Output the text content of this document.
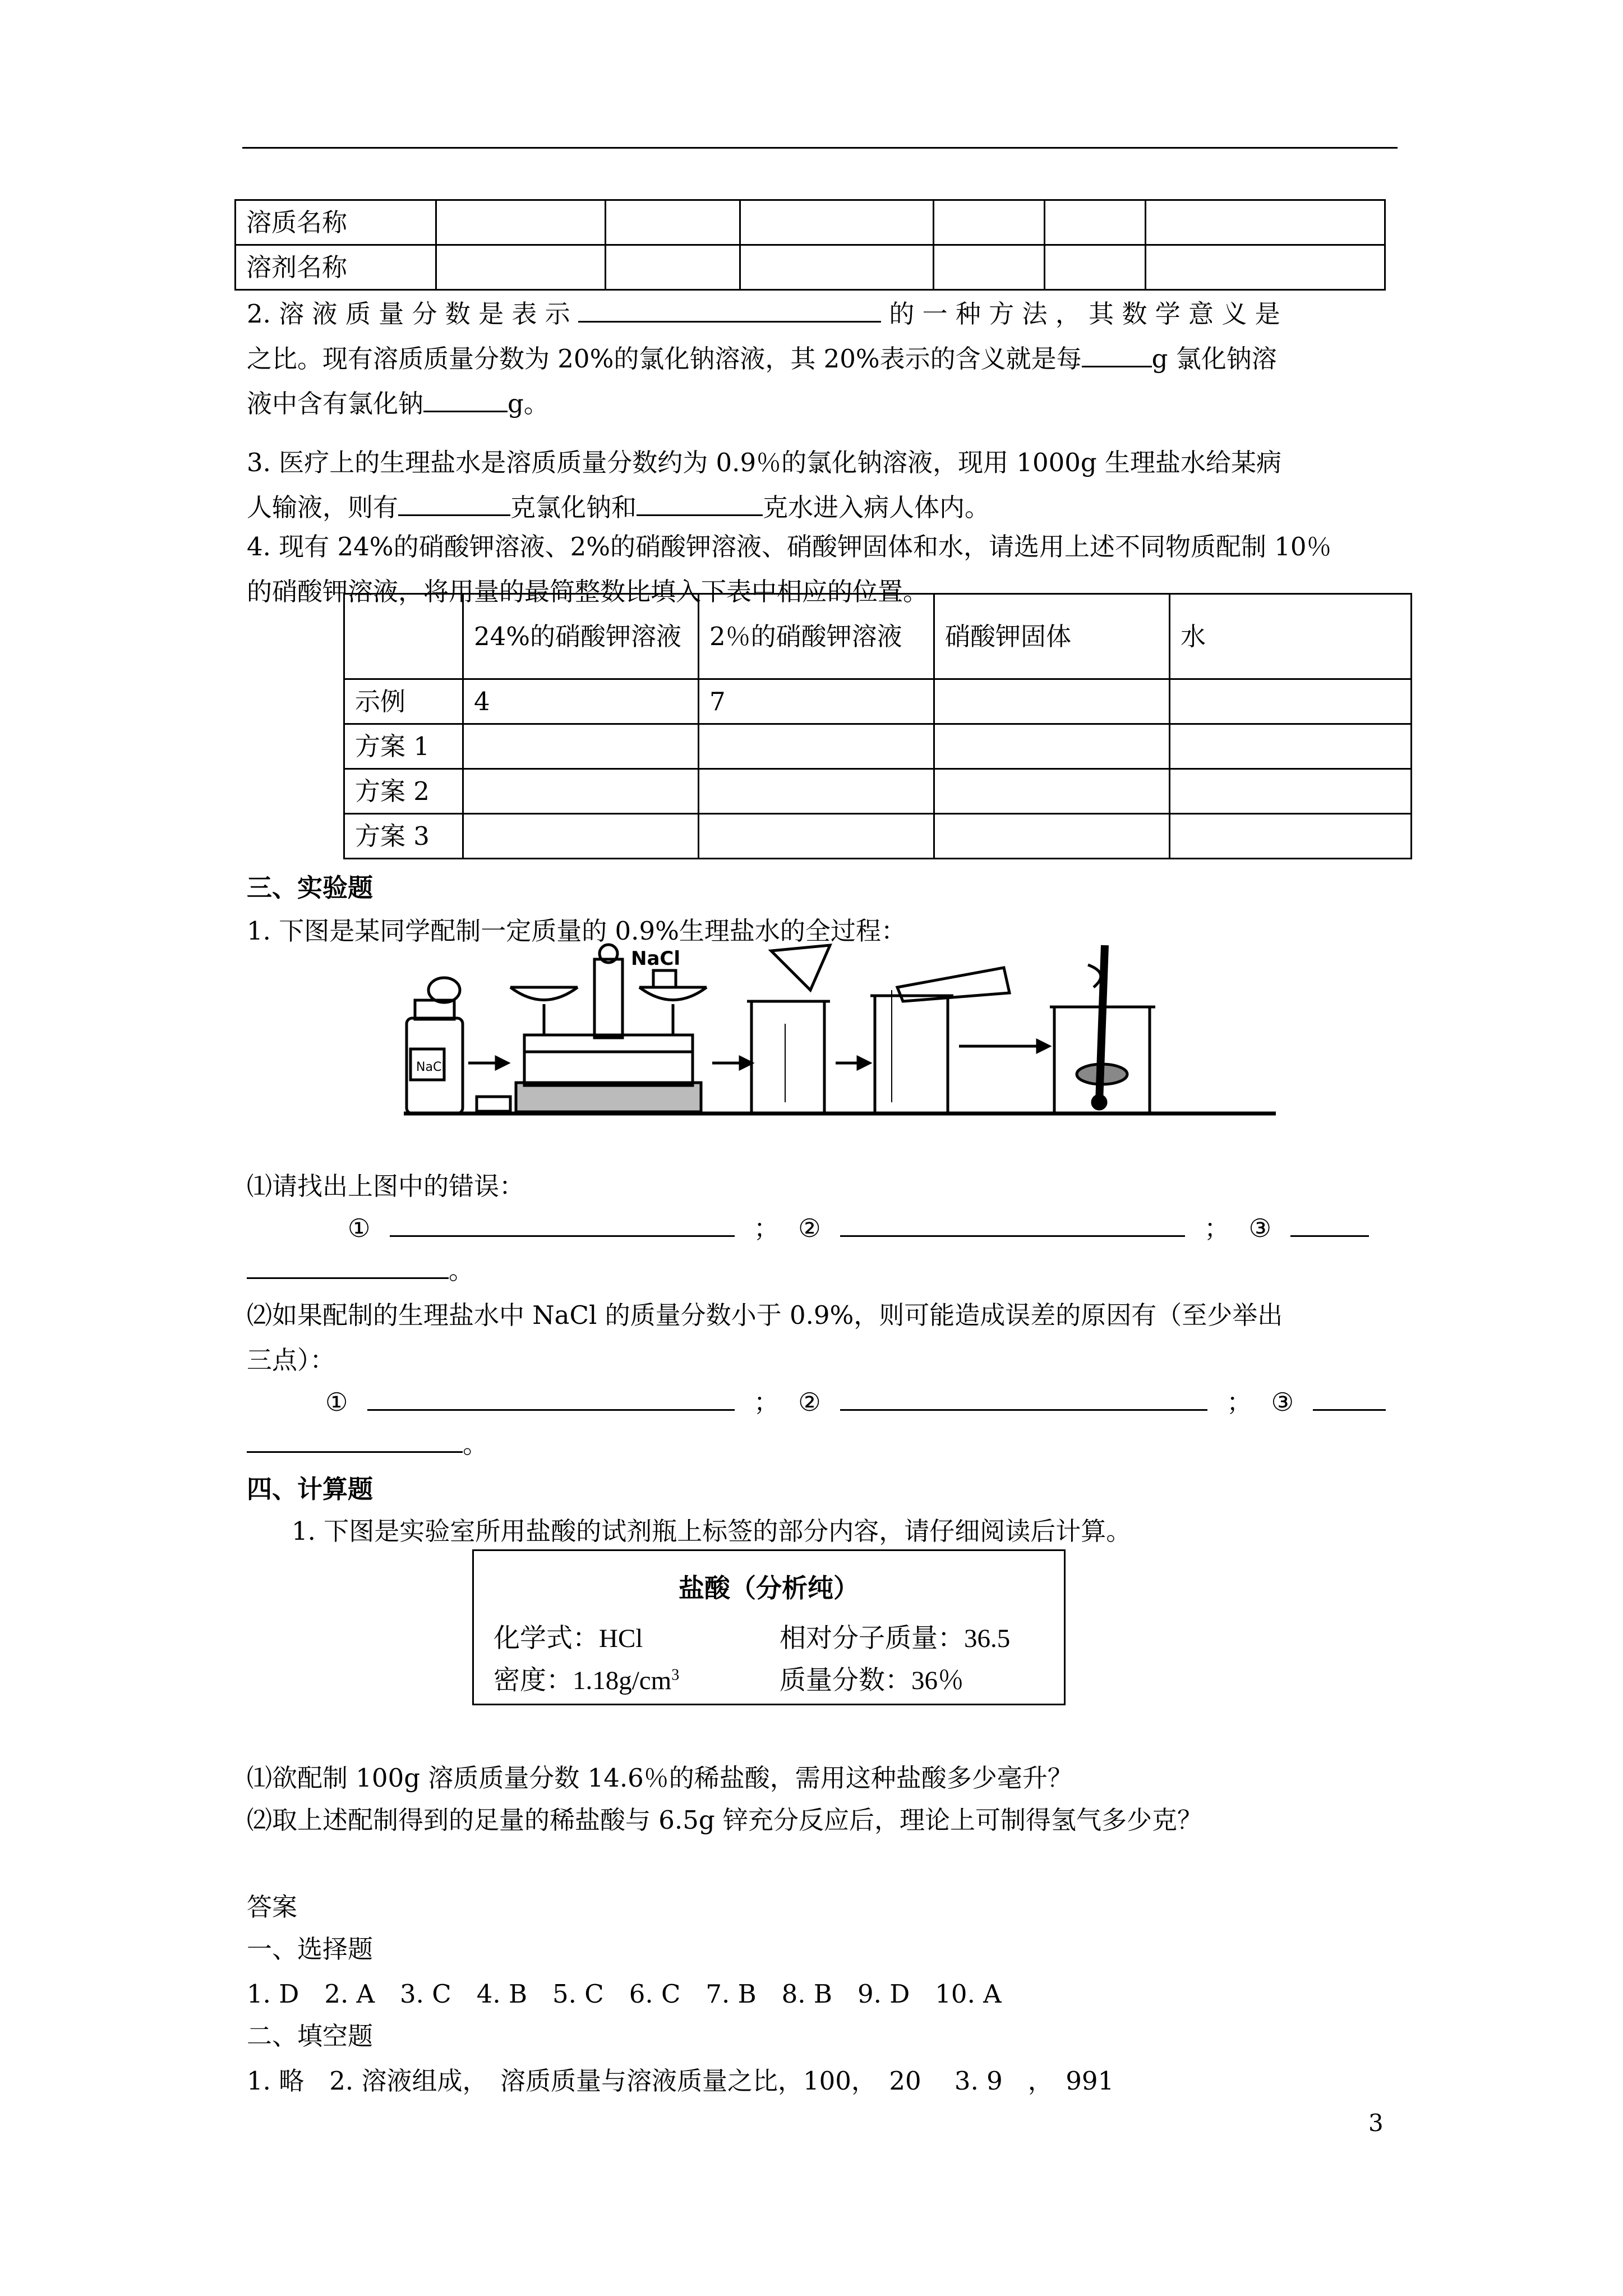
溶质名称						
溶剂名称						
2. 溶 液 质 量 分 数 是 表 示	的 一 种 方 法 ， 其 数 学 意 义 是
之比。现有溶质质量分数为 20%的氯化钠溶液，其 20%表示的含义就是每	g 氯化钠溶
液中含有氯化钠	g。
3. 医疗上的生理盐水是溶质质量分数约为 0.9％的氯化钠溶液，现用 1000g 生理盐水给某病
人输液，则有	克氯化钠和	克水进入病人体内。
4. 现有 24%的硝酸钾溶液、2%的硝酸钾溶液、硝酸钾固体和水，请选用上述不同物质配制 10％
的硝酸钾溶液，将用量的最简整数比填入下表中相应的位置。
	24%的硝酸钾溶液	2％的硝酸钾溶液	硝酸钾固体	水
示例	4	7		
方案 1				
方案 2				
方案 3				
三、实验题
1. 下图是某同学配制一定质量的 0.9%生理盐水的全过程：
NaCl
NaCl
⑴请找出上图中的错误：
①	； ②	； ③
。
⑵如果配制的生理盐水中 NaCl 的质量分数小于 0.9%，则可能造成误差的原因有（至少举出
三点）：
①	； ②	； ③
。
四、计算题
1. 下图是实验室所用盐酸的试剂瓶上标签的部分内容，请仔细阅读后计算。
盐酸（分析纯）
化学式：HCl	相对分子质量：36.5
密度：$1.18g/cm^3$	质量分数：36％
⑴欲配制 100g 溶质质量分数 14.6％的稀盐酸，需用这种盐酸多少毫升？
⑵取上述配制得到的足量的稀盐酸与 6.5g 锌充分反应后，理论上可制得氢气多少克？
答案
一、选择题
1. D　2. A　3. C　4. B　5. C　6. C　7. B　8. B　9. D　10. A
二、填空题
1. 略　2. 溶液组成，　溶质质量与溶液质量之比，100，　20　 3. 9　，　991
3
